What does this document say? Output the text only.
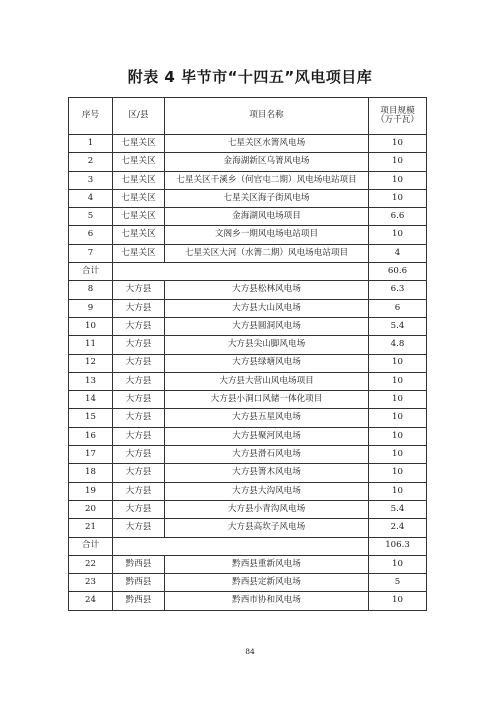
附表 4 毕节市“十四五”风电项目库
序号	区/县	项目名称	项目规模
（万千瓦）

1	七星关区	七星关区水箐风电场	10
2	七星关区	金海湖新区乌箐风电场	10
3	七星关区	七星关区千溪乡（何官屯二期）风电场电站项目	10
4	七星关区	七星关区海子街风电场	10
5	七星关区	金海湖风电场项目	6.6
6	七星关区	文阁乡一期风电场电站项目	10
7	七星关区	七星关区大河（水箐二期）风电场电站项目	4
合计			60.6
8	大方县	大方县松林风电场	6.3
9	大方县	大方县大山风电场	6
10	大方县	大方县圆洞风电场	5.4
11	大方县	大方县尖山脚风电场	4.8
12	大方县	大方县绿塘风电场	10
13	大方县	大方县大营山风电场项目	10
14	大方县	大方县小洞口风储一体化项目	10
15	大方县	大方县五星风电场	10
16	大方县	大方县聚河风电场	10
17	大方县	大方县滑石风电场	10
18	大方县	大方县箐木风电场	10
19	大方县	大方县大沟风电场	10
20	大方县	大方县小青沟风电场	5.4
21	大方县	大方县高坎子风电场	2.4
合计			106.3
22	黔西县	黔西县重新风电场	10
23	黔西县	黔西县定新风电场	5
24	黔西县	黔西市协和风电场	10
84
